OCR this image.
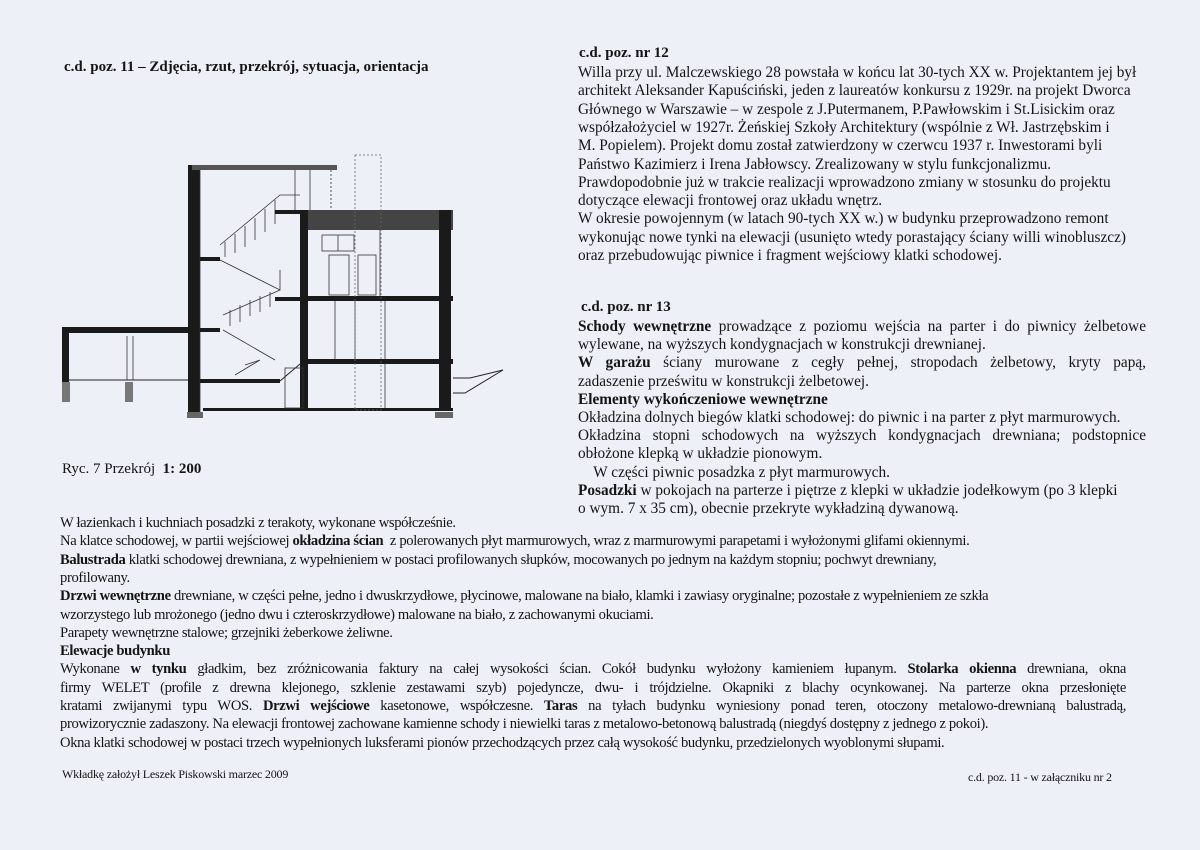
c.d. poz. 11 – Zdjęcia, rzut, przekrój, sytuacja, orientacja
Ryc. 7 Przekrój 1: 200
c.d. poz. nr 12
Willa przy ul. Malczewskiego 28 powstała w końcu lat 30-tych XX w. Projektantem jej był
architekt Aleksander Kapuściński, jeden z laureatów konkursu z 1929r. na projekt Dworca
Głównego w Warszawie – w zespole z J.Putermanem, P.Pawłowskim i St.Lisickim oraz
współzałożyciel w 1927r. Żeńskiej Szkoły Architektury (wspólnie z Wł. Jastrzębskim i
M. Popielem). Projekt domu został zatwierdzony w czerwcu 1937 r. Inwestorami byli
Państwo Kazimierz i Irena Jabłowscy. Zrealizowany w stylu funkcjonalizmu.
Prawdopodobnie już w trakcie realizacji wprowadzono zmiany w stosunku do projektu
dotyczące elewacji frontowej oraz układu wnętrz.
W okresie powojennym (w latach 90-tych XX w.) w budynku przeprowadzono remont
wykonując nowe tynki na elewacji (usunięto wtedy porastający ściany willi winobluszcz)
oraz przebudowując piwnice i fragment wejściowy klatki schodowej.
c.d. poz. nr 13
Schody wewnętrzne prowadzące z poziomu wejścia na parter i do piwnicy żelbetowe
wylewane, na wyższych kondygnacjach w konstrukcji drewnianej.
W garażu ściany murowane z cegły pełnej, stropodach żelbetowy, kryty papą,
zadaszenie prześwitu w konstrukcji żelbetowej.
Elementy wykończeniowe wewnętrzne
Okładzina dolnych biegów klatki schodowej: do piwnic i na parter z płyt marmurowych.
Okładzina stopni schodowych na wyższych kondygnacjach drewniana; podstopnice
obłożone klepką w układzie pionowym.
W części piwnic posadzka z płyt marmurowych.
Posadzki w pokojach na parterze i piętrze z klepki w układzie jodełkowym (po 3 klepki
o wym. 7 x 35 cm), obecnie przekryte wykładziną dywanową.
W łazienkach i kuchniach posadzki z terakoty, wykonane współcześnie.
Na klatce schodowej, w partii wejściowej okładzina ścian  z polerowanych płyt marmurowych, wraz z marmurowymi parapetami i wyłożonymi glifami okiennymi.
Balustrada klatki schodowej drewniana, z wypełnieniem w postaci profilowanych słupków, mocowanych po jednym na każdym stopniu; pochwyt drewniany,
profilowany.
Drzwi wewnętrzne drewniane, w części pełne, jedno i dwuskrzydłowe, płycinowe, malowane na biało, klamki i zawiasy oryginalne; pozostałe z wypełnieniem ze szkła
wzorzystego lub mrożonego (jedno dwu i czteroskrzydłowe) malowane na biało, z zachowanymi okuciami.
Parapety wewnętrzne stalowe; grzejniki żeberkowe żeliwne.
Elewacje budynku
Wykonane w tynku gładkim, bez zróżnicowania faktury na całej wysokości ścian. Cokół budynku wyłożony kamieniem łupanym. Stolarka okienna drewniana, okna
firmy WELET (profile z drewna klejonego, szklenie zestawami szyb) pojedyncze, dwu- i trójdzielne. Okapniki z blachy ocynkowanej. Na parterze okna przesłonięte
kratami zwijanymi typu WOS. Drzwi wejściowe kasetonowe, współczesne. Taras na tyłach budynku wyniesiony ponad teren, otoczony metalowo-drewnianą balustradą,
prowizorycznie zadaszony. Na elewacji frontowej zachowane kamienne schody i niewielki taras z metalowo-betonową balustradą (niegdyś dostępny z jednego z pokoi).
Okna klatki schodowej w postaci trzech wypełnionych luksferami pionów przechodzących przez całą wysokość budynku, przedzielonych wyoblonymi słupami.
Wkładkę założył Leszek Piskowski marzec 2009	c.d. poz. 11 - w załączniku nr 2
